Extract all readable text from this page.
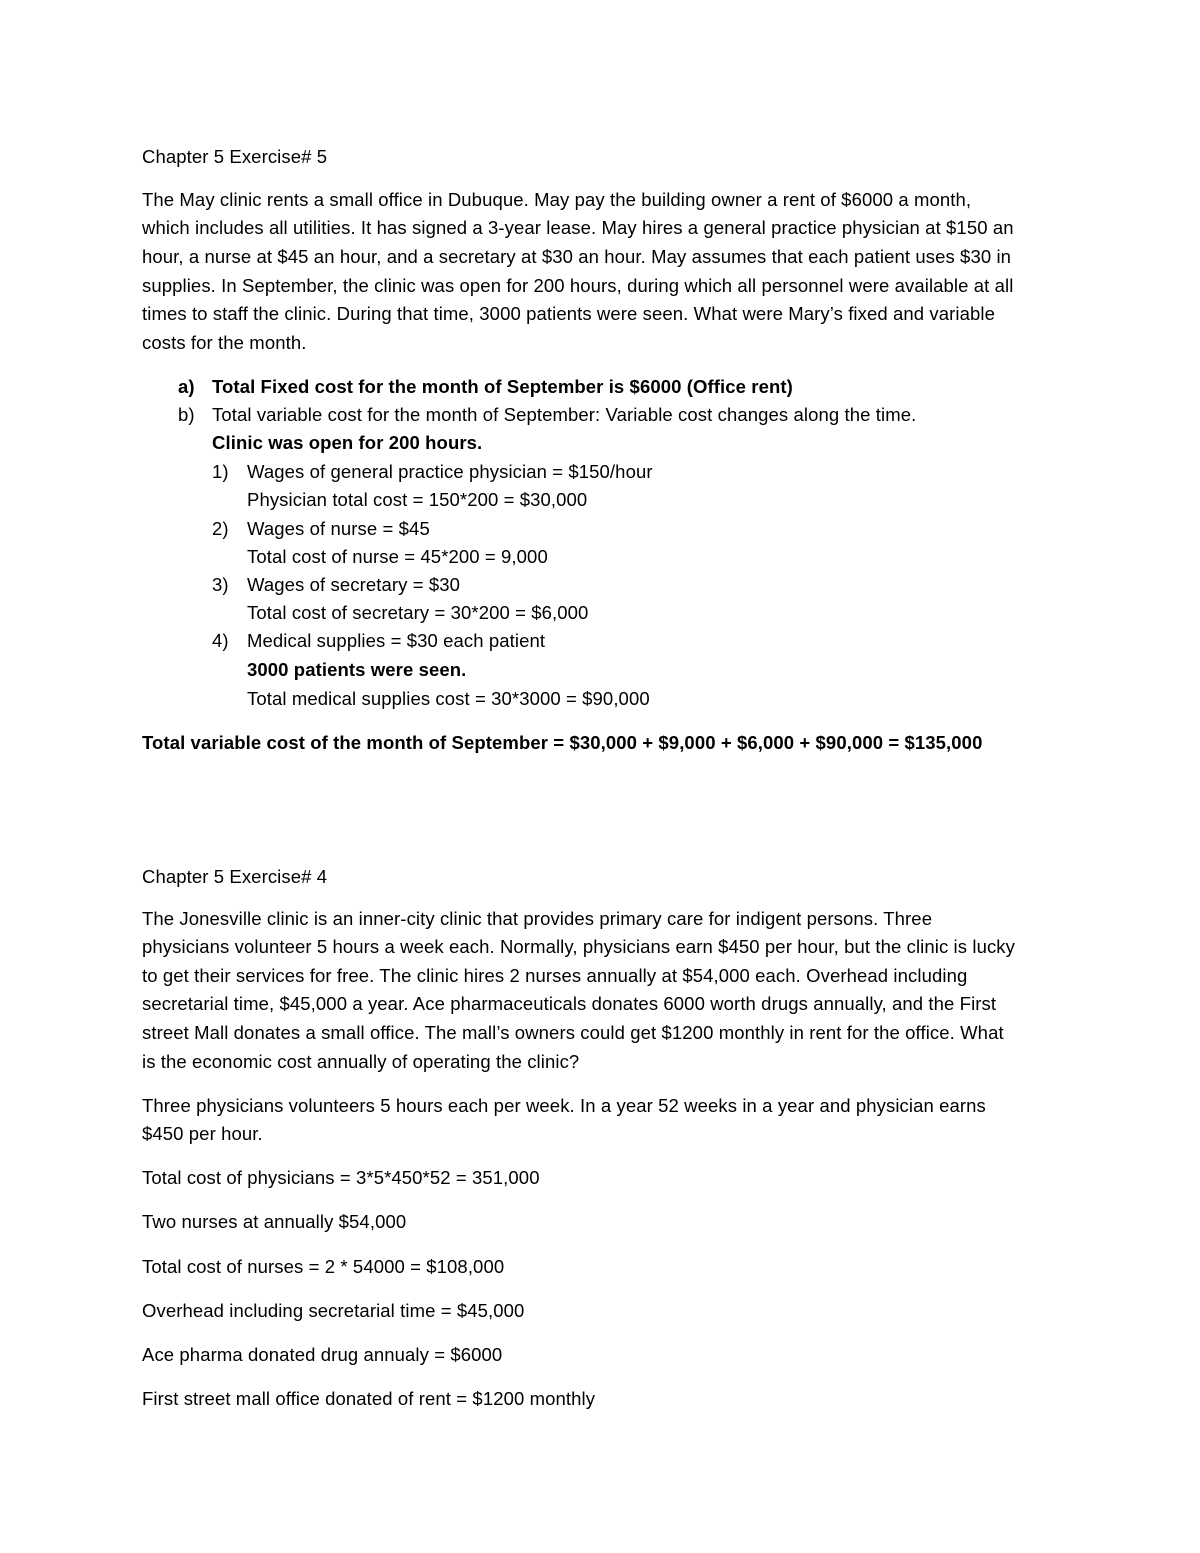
Chapter 5 Exercise# 5
The May clinic rents a small office in Dubuque. May pay the building owner a rent of $6000 a month,
which includes all utilities. It has signed a 3-year lease. May hires a general practice physician at $150 an
hour, a nurse at $45 an hour, and a secretary at $30 an hour. May assumes that each patient uses $30 in
supplies. In September, the clinic was open for 200 hours, during which all personnel were available at all
times to staff the clinic. During that time, 3000 patients were seen. What were Mary’s fixed and variable
costs for the month.
a) Total Fixed cost for the month of September is $6000 (Office rent)
b) Total variable cost for the month of September: Variable cost changes along the time.
Clinic was open for 200 hours.
1) Wages of general practice physician = $150/hour
Physician total cost = 150*200 = $30,000
2) Wages of nurse = $45
Total cost of nurse = 45*200 = 9,000
3) Wages of secretary = $30
Total cost of secretary = 30*200 = $6,000
4) Medical supplies = $30 each patient
3000 patients were seen.
Total medical supplies cost = 30*3000 = $90,000
Total variable cost of the month of September = $30,000 + $9,000 + $6,000 + $90,000 = $135,000
Chapter 5 Exercise# 4
The Jonesville clinic is an inner-city clinic that provides primary care for indigent persons. Three
physicians volunteer 5 hours a week each. Normally, physicians earn $450 per hour, but the clinic is lucky
to get their services for free. The clinic hires 2 nurses annually at $54,000 each. Overhead including
secretarial time, $45,000 a year. Ace pharmaceuticals donates 6000 worth drugs annually, and the First
street Mall donates a small office. The mall’s owners could get $1200 monthly in rent for the office. What
is the economic cost annually of operating the clinic?
Three physicians volunteers 5 hours each per week. In a year 52 weeks in a year and physician earns
$450 per hour.
Total cost of physicians = 3*5*450*52 = 351,000
Two nurses at annually $54,000
Total cost of nurses = 2 * 54000 = $108,000
Overhead including secretarial time = $45,000
Ace pharma donated drug annualy = $6000
First street mall office donated of rent = $1200 monthly
